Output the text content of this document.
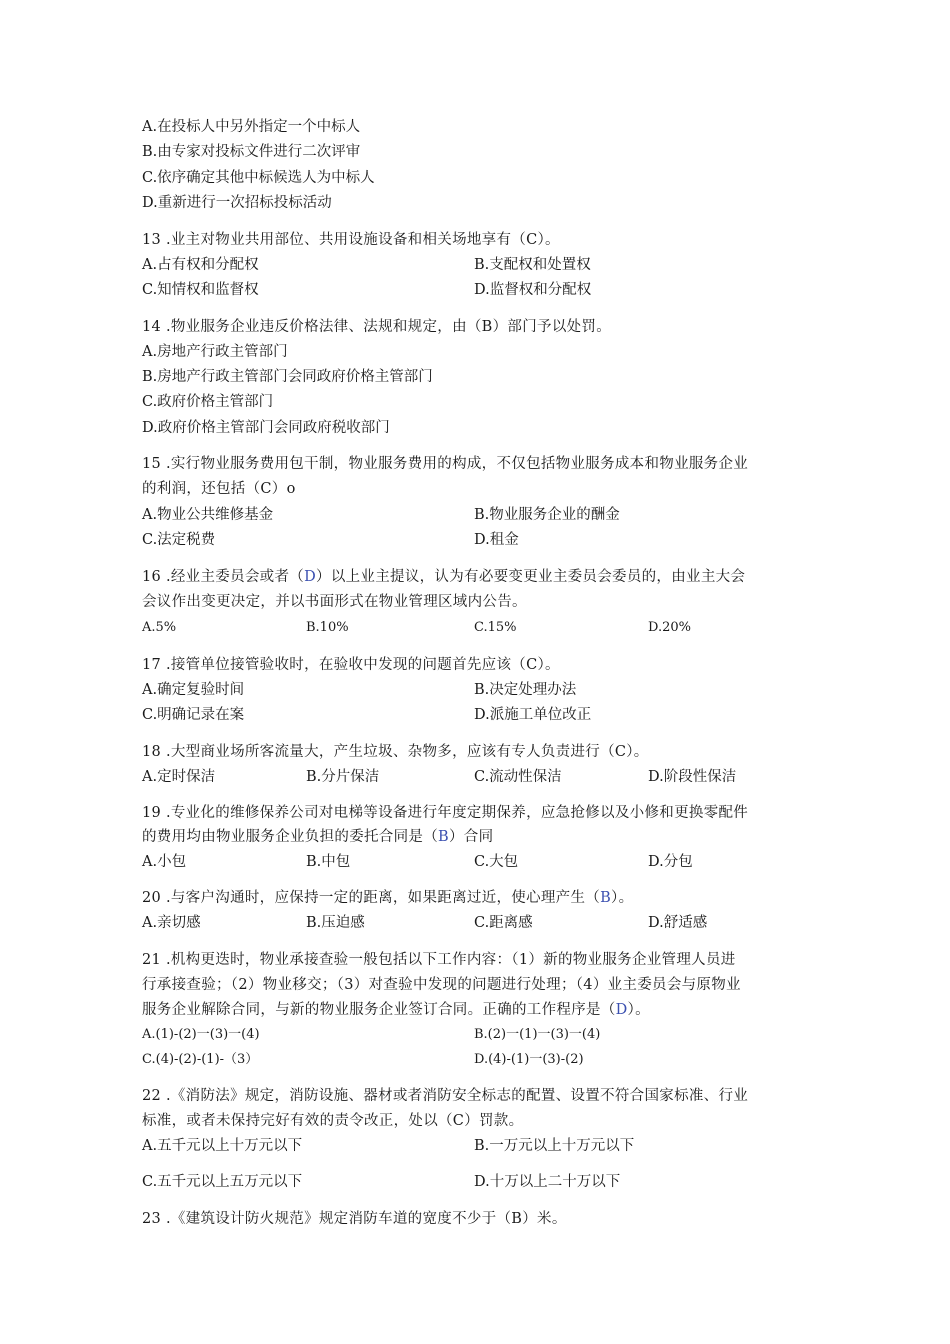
A.在投标人中另外指定一个中标人
B.由专家对投标文件进行二次评审
C.依序确定其他中标候选人为中标人
D.重新进行一次招标投标活动
13 .业主对物业共用部位、共用设施设备和相关场地享有（C）。
A.占有权和分配权	B.支配权和处置权
C.知情权和监督权	D.监督权和分配权
14 .物业服务企业违反价格法律、法规和规定，由（B）部门予以处罚。
A.房地产行政主管部门
B.房地产行政主管部门会同政府价格主管部门
C.政府价格主管部门
D.政府价格主管部门会同政府税收部门
15 .实行物业服务费用包干制，物业服务费用的构成，不仅包括物业服务成本和物业服务企业
的利润，还包括（C）o
A.物业公共维修基金	B.物业服务企业的酬金
C.法定税费	D.租金
16 .经业主委员会或者（D）以上业主提议，认为有必要变更业主委员会委员的，由业主大会
会议作出变更决定，并以书面形式在物业管理区域内公告。
A.5%	B.10%	C.15%	D.20%
17 .接管单位接管验收时，在验收中发现的问题首先应该（C）。
A.确定复验时间	B.决定处理办法
C.明确记录在案	D.派施工单位改正
18 .大型商业场所客流量大，产生垃圾、杂物多，应该有专人负责进行（C）。
A.定时保洁	B.分片保洁	C.流动性保洁	D.阶段性保洁
19 .专业化的维修保养公司对电梯等设备进行年度定期保养，应急抢修以及小修和更换零配件
的费用均由物业服务企业负担的委托合同是（B）合同
A.小包	B.中包	C.大包	D.分包
20 .与客户沟通时，应保持一定的距离，如果距离过近，使心理产生（B）。
A.亲切感	B.压迫感	C.距离感	D.舒适感
21 .机构更迭时，物业承接查验一般包括以下工作内容：（1）新的物业服务企业管理人员进
行承接查验；（2）物业移交；（3）对查验中发现的问题进行处理；（4）业主委员会与原物业
服务企业解除合同，与新的物业服务企业签订合同。正确的工作程序是（D）。
A.(1)-(2)一(3)一(4)	B.(2)一(1)一(3)一(4)
C.(4)-(2)-(1)-（3）	D.(4)-(1)一(3)-(2)
22 .《消防法》规定，消防设施、器材或者消防安全标志的配置、设置不符合国家标准、行业
标准，或者未保持完好有效的责令改正，处以（C）罚款。
A.五千元以上十万元以下	B.一万元以上十万元以下
C.五千元以上五万元以下	D.十万以上二十万以下
23 .《建筑设计防火规范》规定消防车道的宽度不少于（B）米。
